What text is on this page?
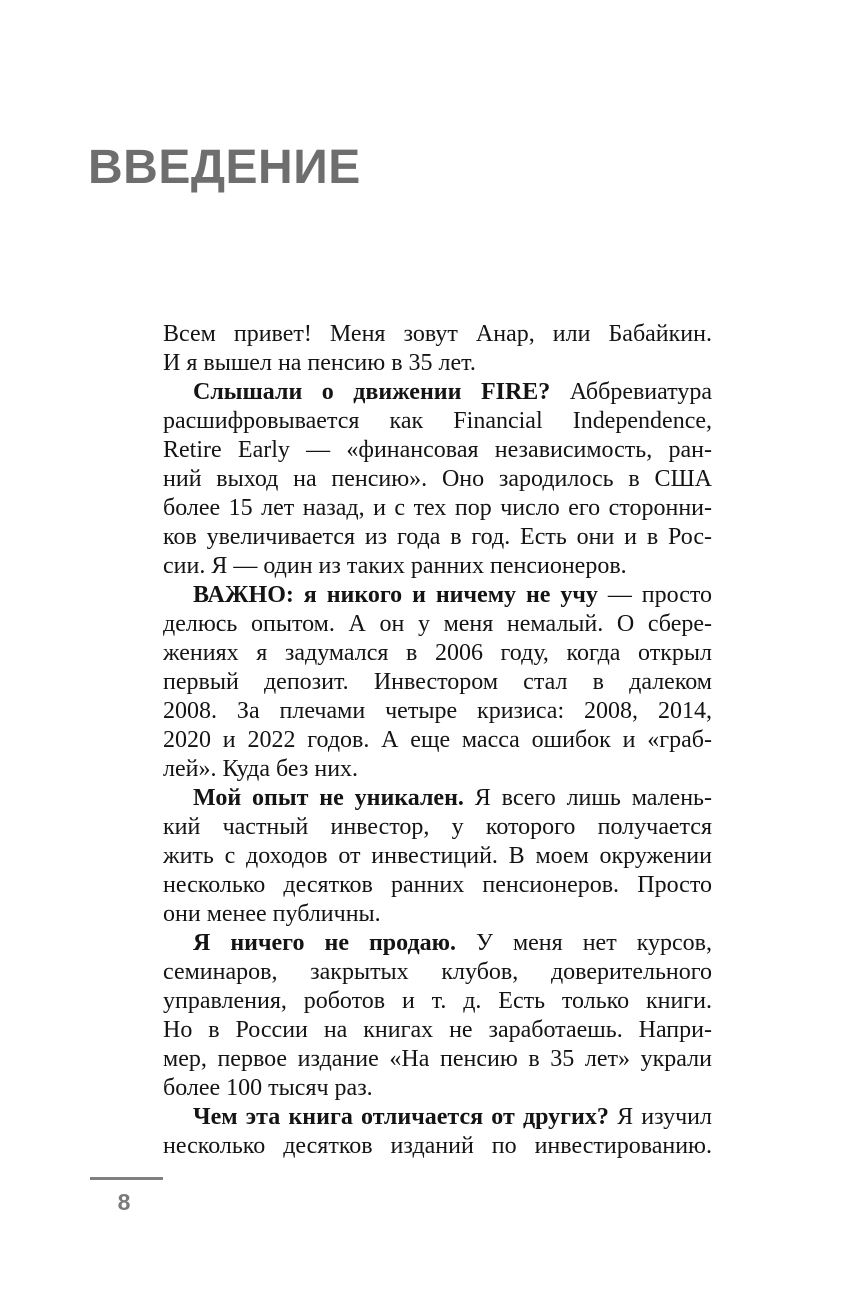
ВВЕДЕНИЕ
Всем привет! Меня зовут Анар, или Бабайкин.
И я вышел на пенсию в 35 лет.
Слышали о движении FIRE? Аббревиатура
расшифровывается как Financial Independence,
Retire Early — «финансовая независимость, ран-
ний выход на пенсию». Оно зародилось в США
более 15 лет назад, и с тех пор число его сторонни-
ков увеличивается из года в год. Есть они и в Рос-
сии. Я — один из таких ранних пенсионеров.
ВАЖНО: я никого и ничему не учу — просто
делюсь опытом. А он у меня немалый. О сбере-
жениях я задумался в 2006 году, когда открыл
первый депозит. Инвестором стал в далеком
2008. За плечами четыре кризиса: 2008, 2014,
2020 и 2022 годов. А еще масса ошибок и «граб-
лей». Куда без них.
Мой опыт не уникален. Я всего лишь малень-
кий частный инвестор, у которого получается
жить с доходов от инвестиций. В моем окружении
несколько десятков ранних пенсионеров. Просто
они менее публичны.
Я ничего не продаю. У меня нет курсов,
семинаров, закрытых клубов, доверительного
управления, роботов и т. д. Есть только книги.
Но в России на книгах не заработаешь. Напри-
мер, первое издание «На пенсию в 35 лет» украли
более 100 тысяч раз.
Чем эта книга отличается от других? Я изучил
несколько десятков изданий по инвестированию.
8
